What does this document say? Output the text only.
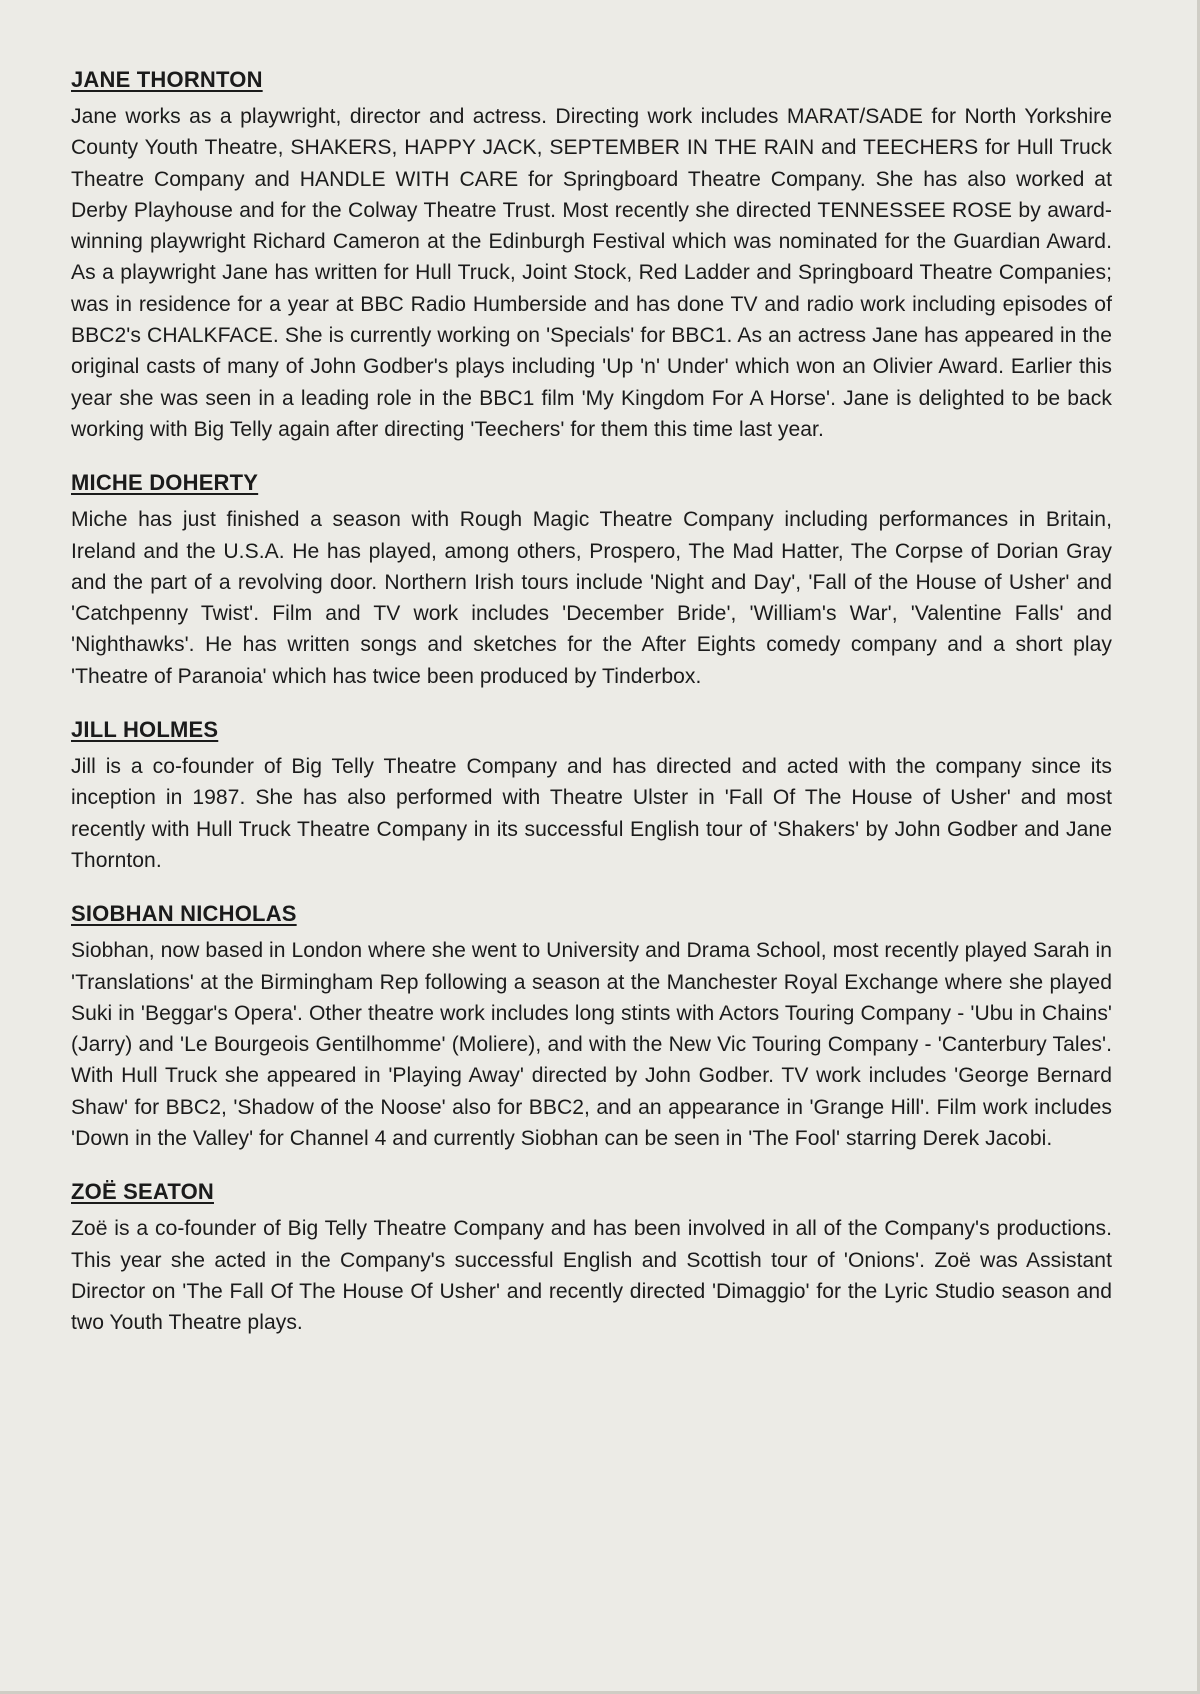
JANE THORNTON

Jane works as a playwright, director and actress. Directing work includes MARAT/SADE for North Yorkshire County Youth Theatre, SHAKERS, HAPPY JACK, SEPTEMBER IN THE RAIN and TEECHERS for Hull Truck Theatre Company and HANDLE WITH CARE for Springboard Theatre Company. She has also worked at Derby Playhouse and for the Colway Theatre Trust. Most recently she directed TENNESSEE ROSE by award-winning playwright Richard Cameron at the Edinburgh Festival which was nominated for the Guardian Award. As a playwright Jane has written for Hull Truck, Joint Stock, Red Ladder and Springboard Theatre Companies; was in residence for a year at BBC Radio Humberside and has done TV and radio work including episodes of BBC2's CHALKFACE. She is currently working on 'Specials' for BBC1. As an actress Jane has appeared in the original casts of many of John Godber's plays including 'Up 'n' Under' which won an Olivier Award. Earlier this year she was seen in a leading role in the BBC1 film 'My Kingdom For A Horse'. Jane is delighted to be back working with Big Telly again after directing 'Teechers' for them this time last year.

MICHE DOHERTY

Miche has just finished a season with Rough Magic Theatre Company including performances in Britain, Ireland and the U.S.A. He has played, among others, Prospero, The Mad Hatter, The Corpse of Dorian Gray and the part of a revolving door. Northern Irish tours include 'Night and Day', 'Fall of the House of Usher' and 'Catchpenny Twist'. Film and TV work includes 'December Bride', 'William's War', 'Valentine Falls' and 'Nighthawks'. He has written songs and sketches for the After Eights comedy company and a short play 'Theatre of Paranoia' which has twice been produced by Tinderbox.

JILL HOLMES

Jill is a co-founder of Big Telly Theatre Company and has directed and acted with the company since its inception in 1987. She has also performed with Theatre Ulster in 'Fall Of The House of Usher' and most recently with Hull Truck Theatre Company in its successful English tour of 'Shakers' by John Godber and Jane Thornton.

SIOBHAN NICHOLAS

Siobhan, now based in London where she went to University and Drama School, most recently played Sarah in 'Translations' at the Birmingham Rep following a season at the Manchester Royal Exchange where she played Suki in 'Beggar's Opera'. Other theatre work includes long stints with Actors Touring Company - 'Ubu in Chains' (Jarry) and 'Le Bourgeois Gentilhomme' (Moliere), and with the New Vic Touring Company - 'Canterbury Tales'. With Hull Truck she appeared in 'Playing Away' directed by John Godber. TV work includes 'George Bernard Shaw' for BBC2, 'Shadow of the Noose' also for BBC2, and an appearance in 'Grange Hill'. Film work includes 'Down in the Valley' for Channel 4 and currently Siobhan can be seen in 'The Fool' starring Derek Jacobi.

ZOË SEATON

Zoë is a co-founder of Big Telly Theatre Company and has been involved in all of the Company's productions. This year she acted in the Company's successful English and Scottish tour of 'Onions'. Zoë was Assistant Director on 'The Fall Of The House Of Usher' and recently directed 'Dimaggio' for the Lyric Studio season and two Youth Theatre plays.
